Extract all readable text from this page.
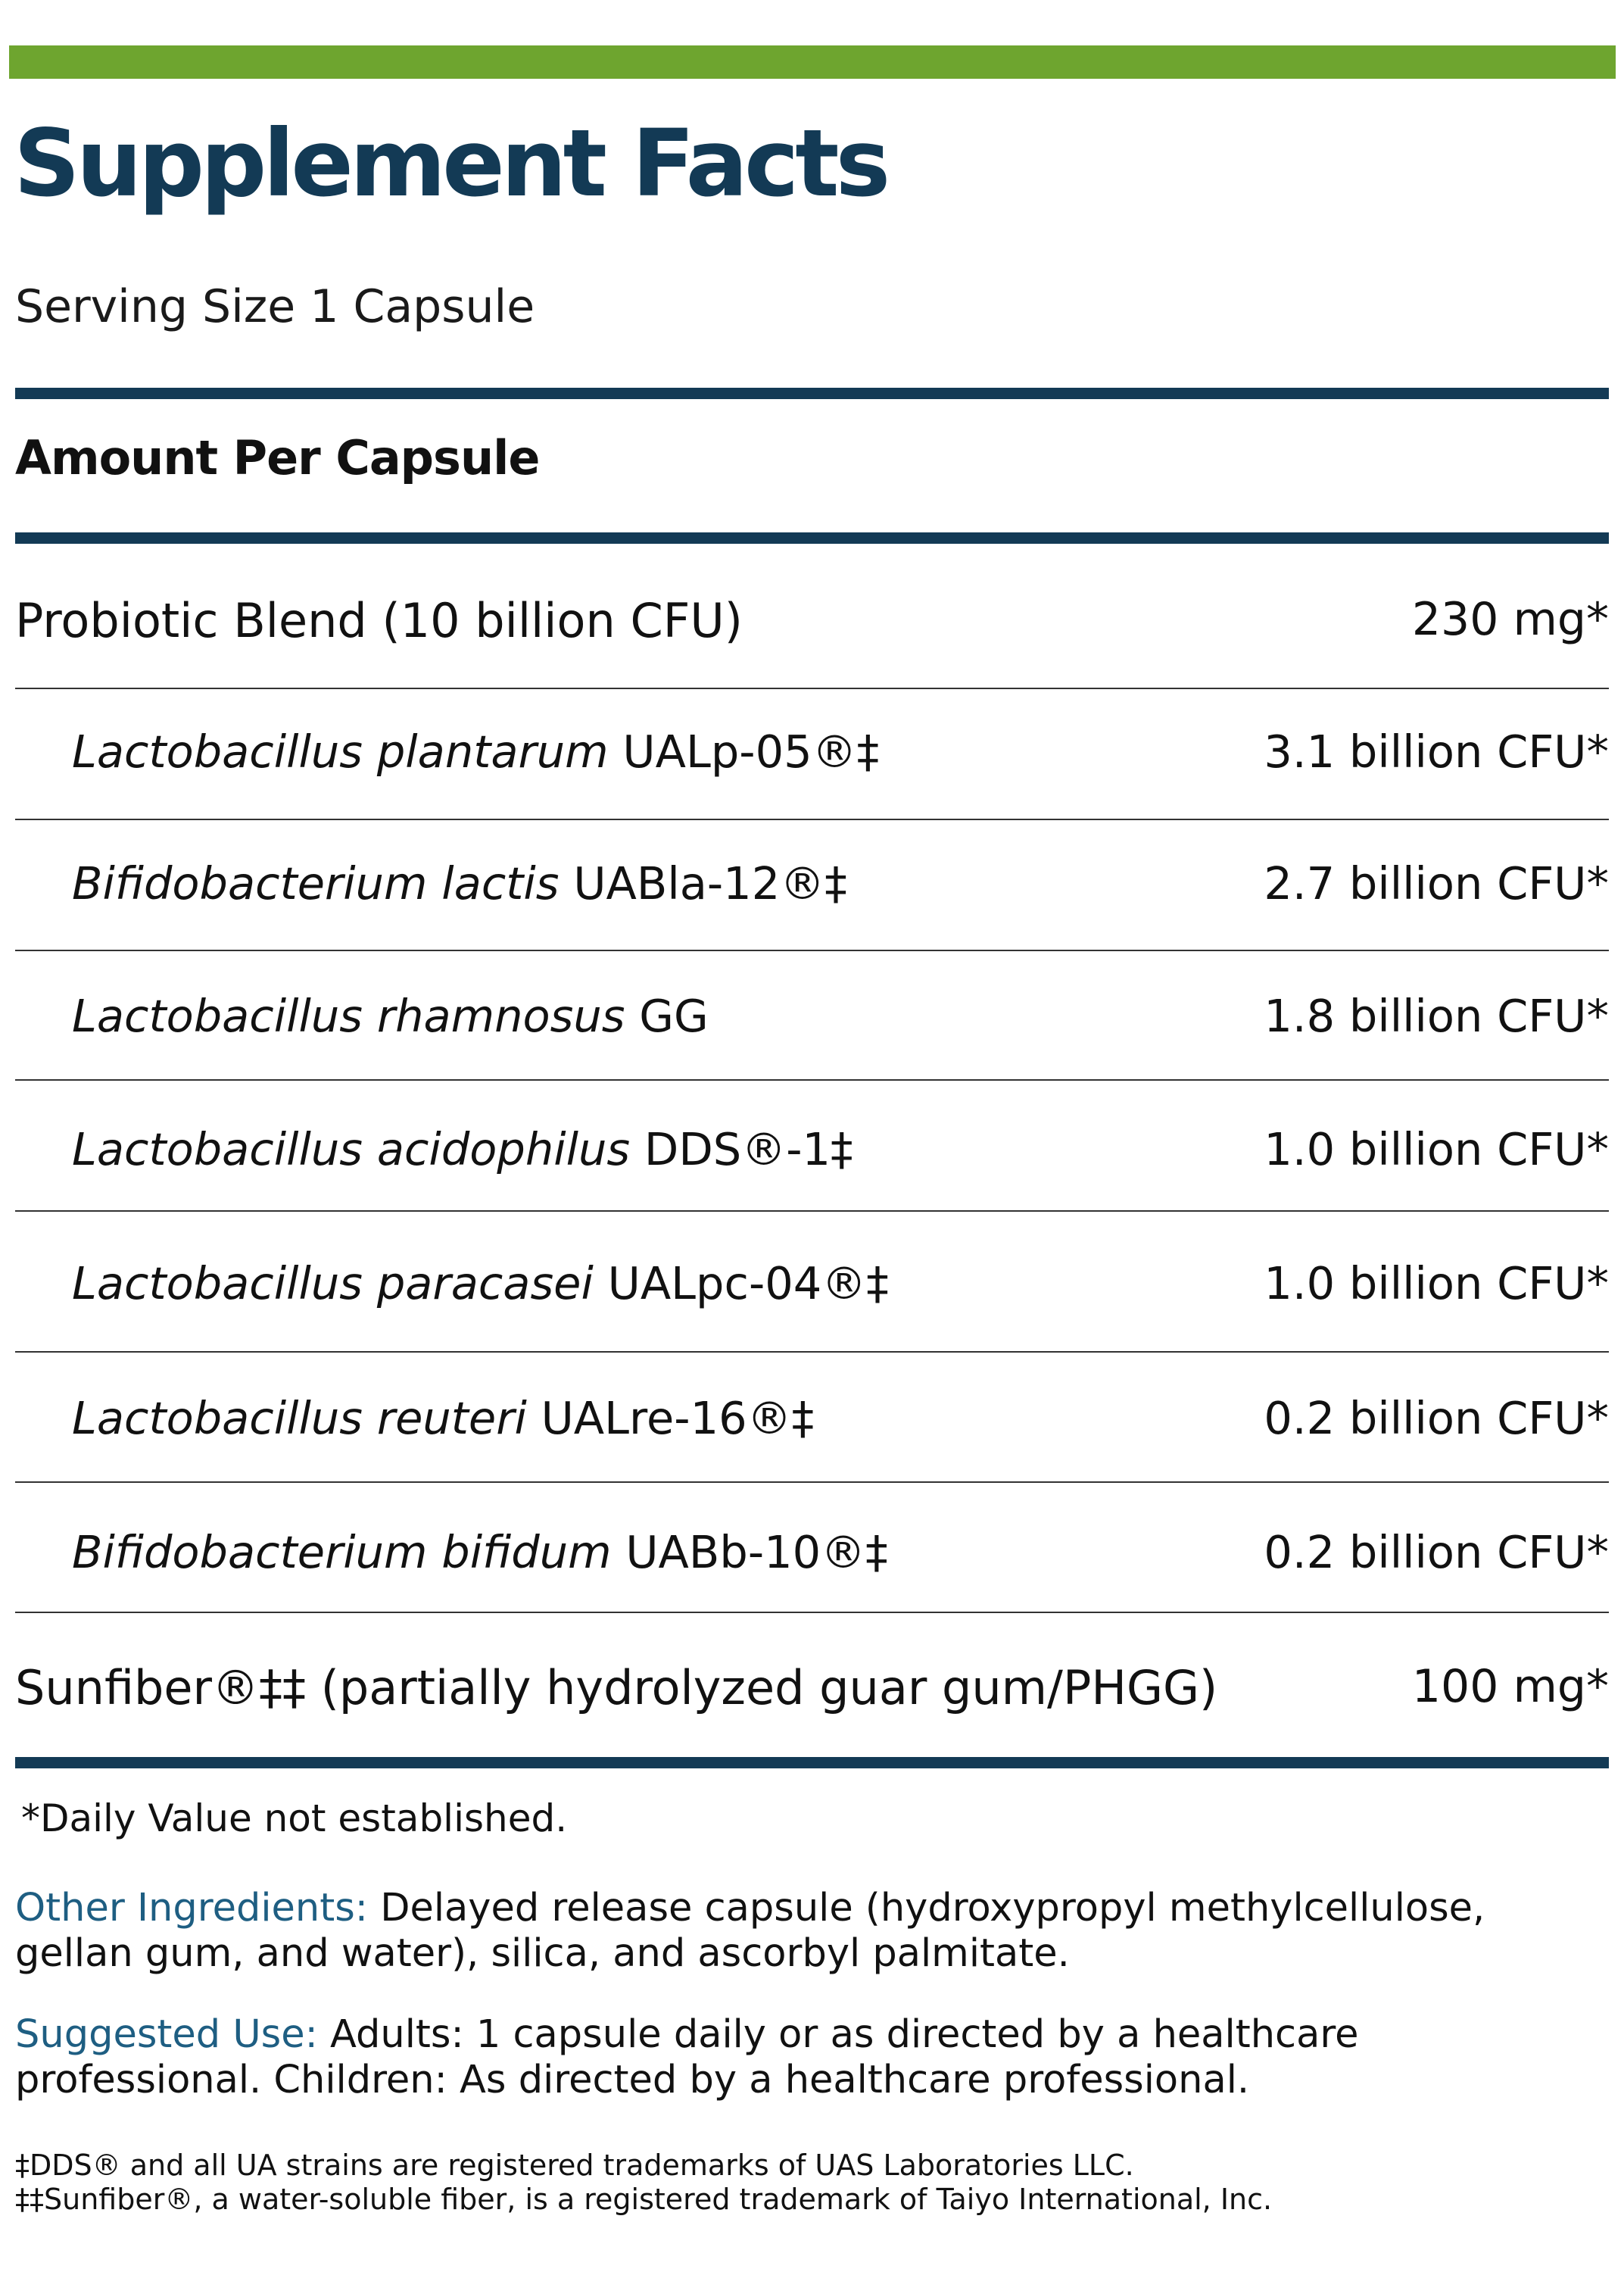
Supplement Facts
Serving Size 1 Capsule
Amount Per Capsule
Probiotic Blend (10 billion CFU)	230 mg*
Lactobacillus plantarum UALp-05®‡	3.1 billion CFU*
Bifidobacterium lactis UABla-12®‡	2.7 billion CFU*
Lactobacillus rhamnosus GG	1.8 billion CFU*
Lactobacillus acidophilus DDS®-1‡	1.0 billion CFU*
Lactobacillus paracasei UALpc-04®‡	1.0 billion CFU*
Lactobacillus reuteri UALre-16®‡	0.2 billion CFU*
Bifidobacterium bifidum UABb-10®‡	0.2 billion CFU*
Sunfiber®‡‡ (partially hydrolyzed guar gum/PHGG)	100 mg*
*Daily Value not established.
Other Ingredients: Delayed release capsule (hydroxypropyl methylcellulose, gellan gum, and water), silica, and ascorbyl palmitate.
Suggested Use: Adults: 1 capsule daily or as directed by a healthcare professional. Children: As directed by a healthcare professional.
‡DDS® and all UA strains are registered trademarks of UAS Laboratories LLC.
‡‡Sunfiber®, a water-soluble fiber, is a registered trademark of Taiyo International, Inc.
